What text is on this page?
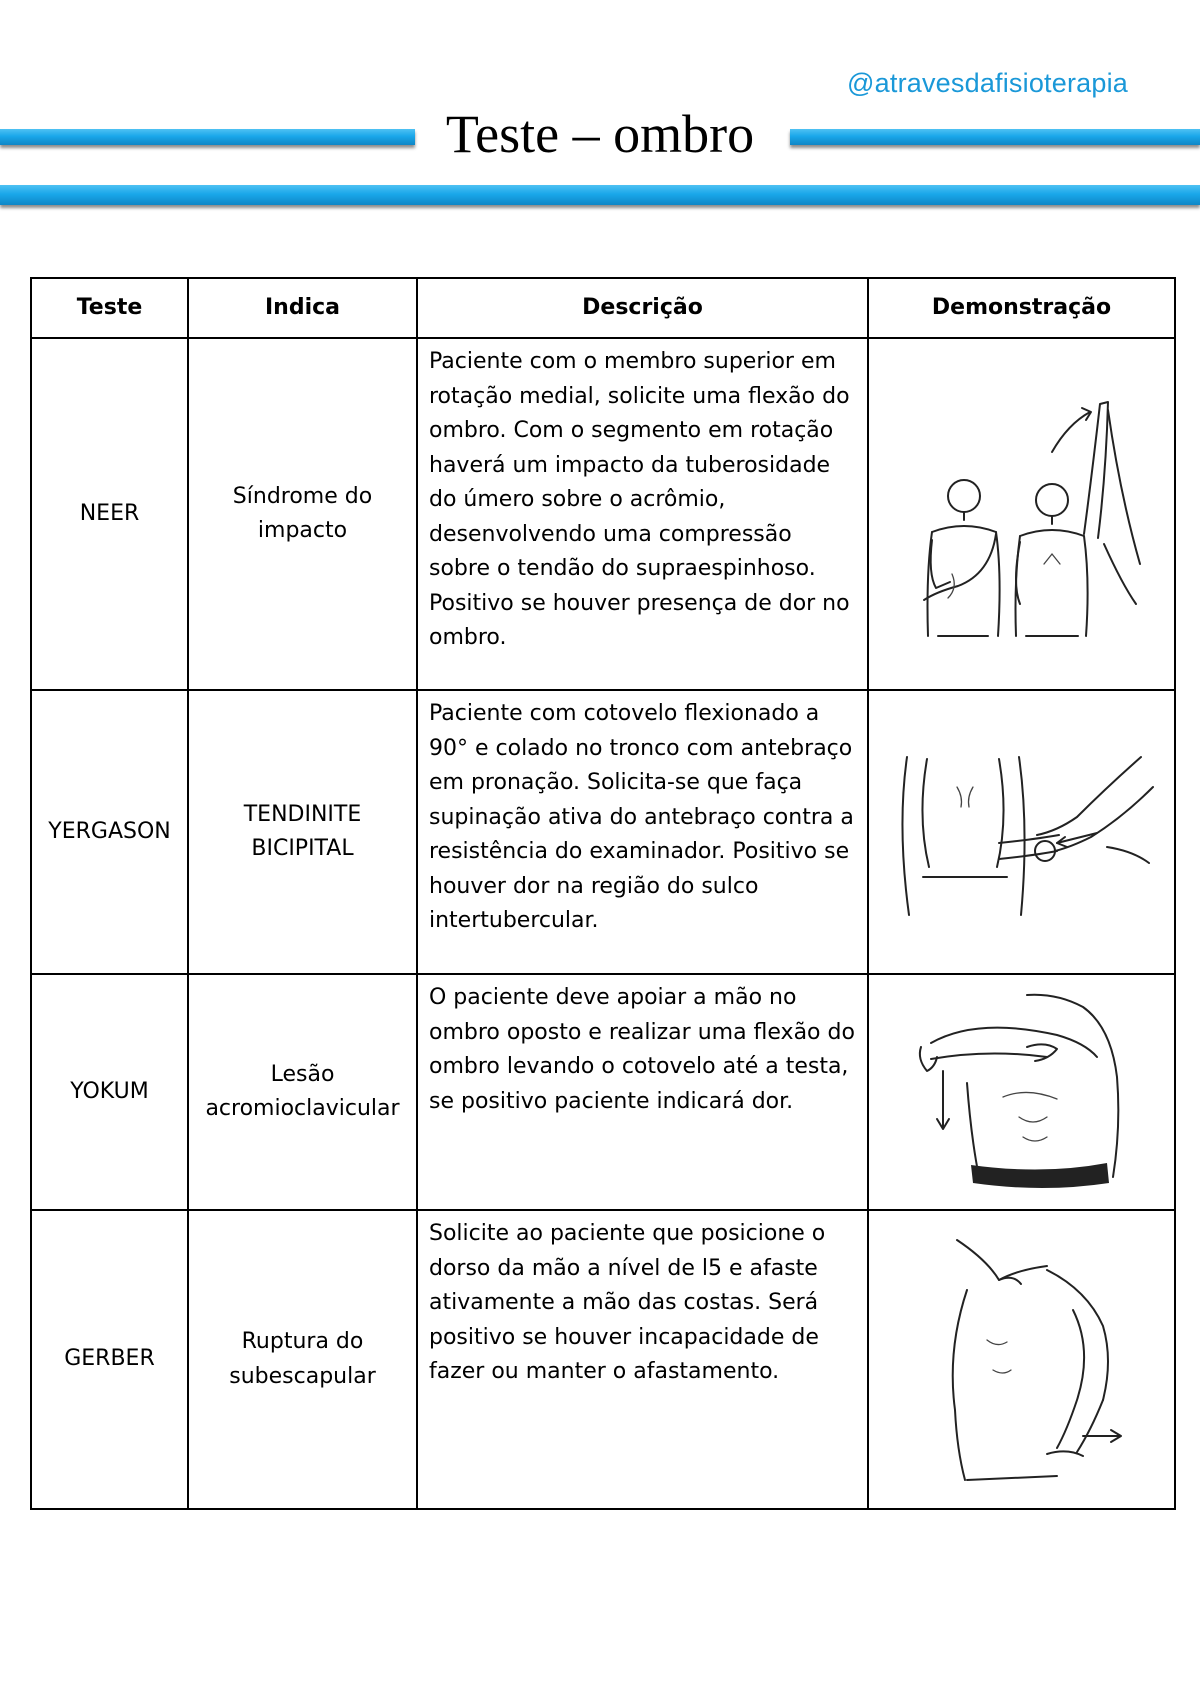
@atravesdafisioterapia
Teste – ombro
Teste	Indica	Descrição	Demonstração
NEER	Síndrome do impacto	Paciente com o membro superior em rotação medial, solicite uma flexão do ombro. Com o segmento em rotação haverá um impacto da tuberosidade do úmero sobre o acrômio, desenvolvendo uma compressão sobre o tendão do supraespinhoso. Positivo se houver presença de dor no ombro.	

YERGASON	TENDINITE BICIPITAL	Paciente com cotovelo flexionado a 90° e colado no tronco com antebraço em pronação. Solicita-se que faça supinação ativa do antebraço contra a resistência do examinador. Positivo se houver dor na região do sulco intertubercular.	

YOKUM	Lesão acromioclavicular	O paciente deve apoiar a mão no ombro oposto e realizar uma flexão do ombro levando o cotovelo até a testa, se positivo paciente indicará dor.	

GERBER	Ruptura do subescapular	Solicite ao paciente que posicione o dorso da mão a nível de l5 e afaste ativamente a mão das costas. Será positivo se houver incapacidade de fazer ou manter o afastamento.	
